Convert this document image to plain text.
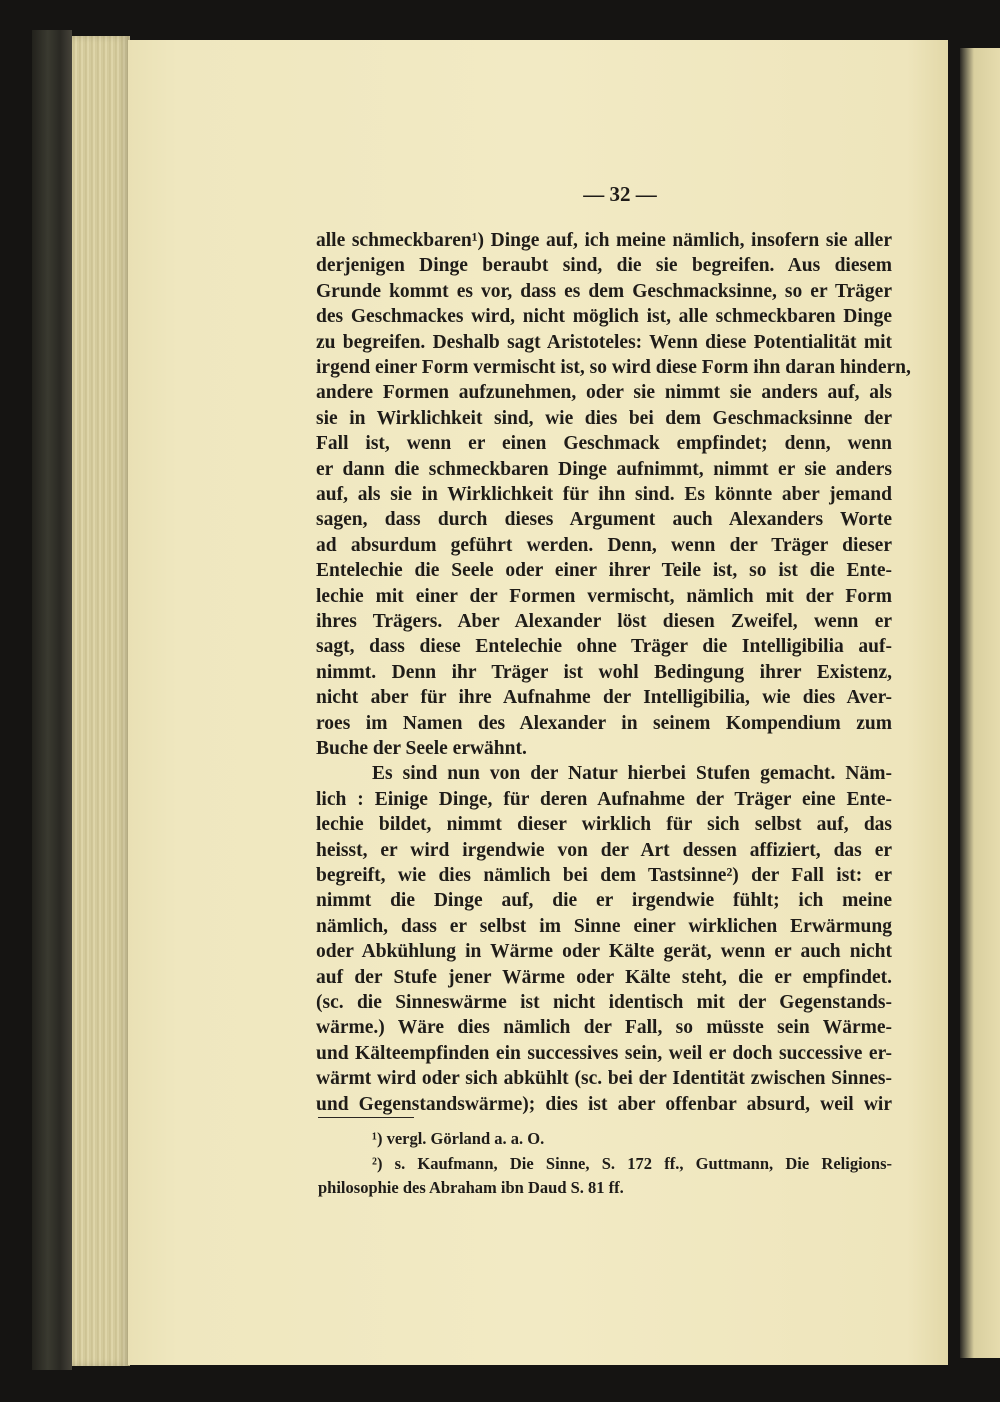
— 32 —
alle schmeckbaren¹) Dinge auf, ich meine nämlich, insofern sie aller
derjenigen Dinge beraubt sind, die sie begreifen. Aus diesem
Grunde kommt es vor, dass es dem Geschmacksinne, so er Träger
des Geschmackes wird, nicht möglich ist, alle schmeckbaren Dinge
zu begreifen. Deshalb sagt Aristoteles: Wenn diese Potentialität mit
irgend einer Form vermischt ist, so wird diese Form ihn daran hindern,
andere Formen aufzunehmen, oder sie nimmt sie anders auf, als
sie in Wirklichkeit sind, wie dies bei dem Geschmacksinne der
Fall ist, wenn er einen Geschmack empfindet; denn, wenn
er dann die schmeckbaren Dinge aufnimmt, nimmt er sie anders
auf, als sie in Wirklichkeit für ihn sind. Es könnte aber jemand
sagen, dass durch dieses Argument auch Alexanders Worte
ad absurdum geführt werden. Denn, wenn der Träger dieser
Entelechie die Seele oder einer ihrer Teile ist, so ist die Ente-
lechie mit einer der Formen vermischt, nämlich mit der Form
ihres Trägers. Aber Alexander löst diesen Zweifel, wenn er
sagt, dass diese Entelechie ohne Träger die Intelligibilia auf-
nimmt. Denn ihr Träger ist wohl Bedingung ihrer Existenz,
nicht aber für ihre Aufnahme der Intelligibilia, wie dies Aver-
roes im Namen des Alexander in seinem Kompendium zum
Buche der Seele erwähnt.
Es sind nun von der Natur hierbei Stufen gemacht. Näm-
lich : Einige Dinge, für deren Aufnahme der Träger eine Ente-
lechie bildet, nimmt dieser wirklich für sich selbst auf, das
heisst, er wird irgendwie von der Art dessen affiziert, das er
begreift, wie dies nämlich bei dem Tastsinne²) der Fall ist: er
nimmt die Dinge auf, die er irgendwie fühlt; ich meine
nämlich, dass er selbst im Sinne einer wirklichen Erwärmung
oder Abkühlung in Wärme oder Kälte gerät, wenn er auch nicht
auf der Stufe jener Wärme oder Kälte steht, die er empfindet.
(sc. die Sinneswärme ist nicht identisch mit der Gegenstands-
wärme.) Wäre dies nämlich der Fall, so müsste sein Wärme-
und Kälteempfinden ein successives sein, weil er doch successive er-
wärmt wird oder sich abkühlt (sc. bei der Identität zwischen Sinnes-
und Gegenstandswärme); dies ist aber offenbar absurd, weil wir
¹) vergl. Görland a. a. O.
²) s. Kaufmann, Die Sinne, S. 172 ff., Guttmann, Die Religions-
philosophie des Abraham ibn Daud S. 81 ff.
